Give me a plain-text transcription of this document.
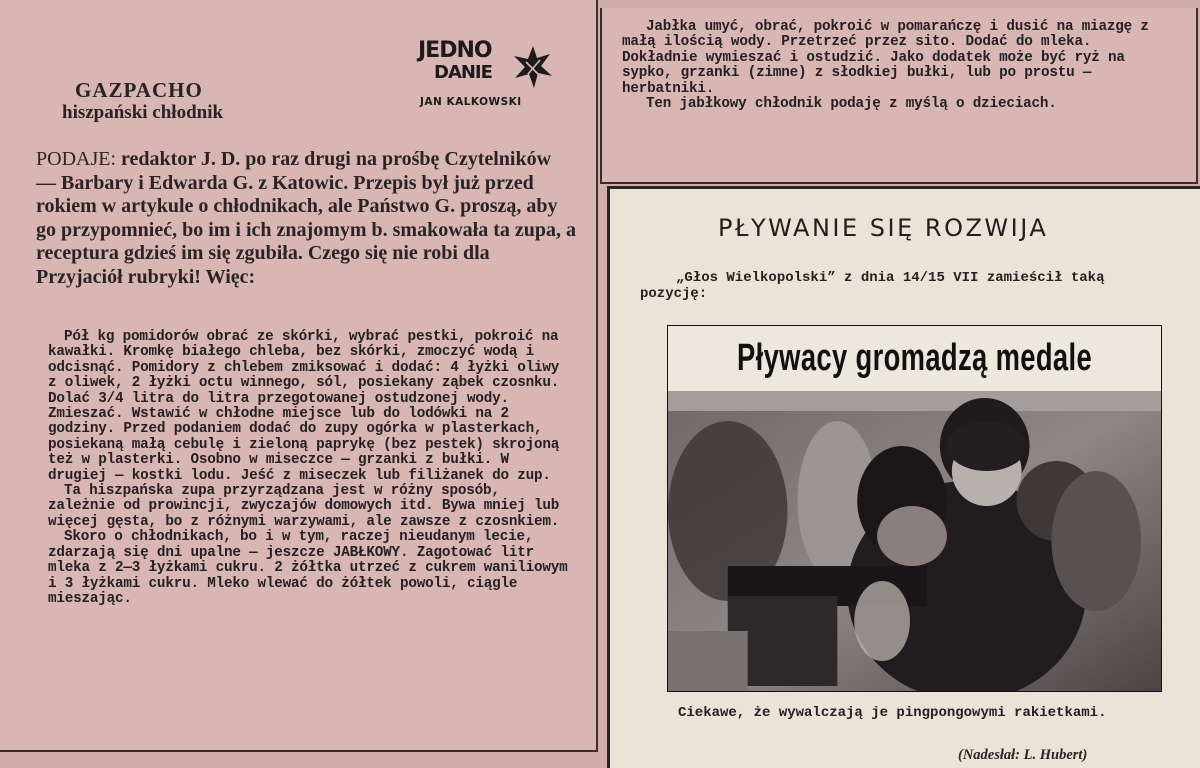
GAZPACHO
hiszpański chłodnik
JEDNO
DANIE
JAN KALKOWSKI

PODAJE: redaktor J. D. po raz drugi na prośbę Czytelników — Barbary i Edwarda G. z Katowic. Przepis był już przed rokiem w artykule o chłodnikach, ale Państwo G. proszą, aby go przypomnieć, bo im i ich znajomym b. smakowała ta zupa, a receptura gdzieś im się zgubiła. Czego się nie robi dla Przyjaciół rubryki! Więc:

Pół kg pomidorów obrać ze skórki, wybrać pestki, pokroić na kawałki. Kromkę białego chleba, bez skórki, zmoczyć wodą i odcisnąć. Pomidory z chlebem zmiksować i dodać: 4 łyżki oliwy z oliwek, 2 łyżki octu winnego, sól, posiekany ząbek czosnku. Dolać 3/4 litra do litra przegotowanej ostudzonej wody. Zmieszać. Wstawić w chłodne miejsce lub do lodówki na 2 godziny. Przed podaniem dodać do zupy ogórka w plasterkach, posiekaną małą cebulę i zieloną paprykę (bez pestek) skrojoną też w plasterki. Osobno w miseczce — grzanki z bułki. W drugiej — kostki lodu. Jeść z miseczek lub filiżanek do zup.

Ta hiszpańska zupa przyrządzana jest w różny sposób, zależnie od prowincji, zwyczajów domowych itd. Bywa mniej lub więcej gęsta, bo z różnymi warzywami, ale zawsze z czosnkiem.

Skoro o chłodnikach, bo i w tym, raczej nieudanym lecie, zdarzają się dni upalne — jeszcze JABŁKOWY. Zagotować litr mleka z 2—3 łyżkami cukru. 2 żółtka utrzeć z cukrem waniliowym i 3 łyżkami cukru. Mleko wlewać do żółtek powoli, ciągle mieszając.

Jabłka umyć, obrać, pokroić w pomarańczę i dusić na miazgę z małą ilością wody. Przetrzeć przez sito. Dodać do mleka. Dokładnie wymieszać i ostudzić. Jako dodatek może być ryż na sypko, grzanki (zimne) z słodkiej bułki, lub po prostu — herbatniki.

Ten jabłkowy chłodnik podaję z myślą o dzieciach.

PŁYWANIE SIĘ ROZWIJA

„Głos Wielkopolski” z dnia 14/15 VII zamieścił taką pozycję:

Pływacy gromadzą medale

Ciekawe, że wywalczają je pingpongowymi rakietkami.

(Nadesłał: L. Hubert)
